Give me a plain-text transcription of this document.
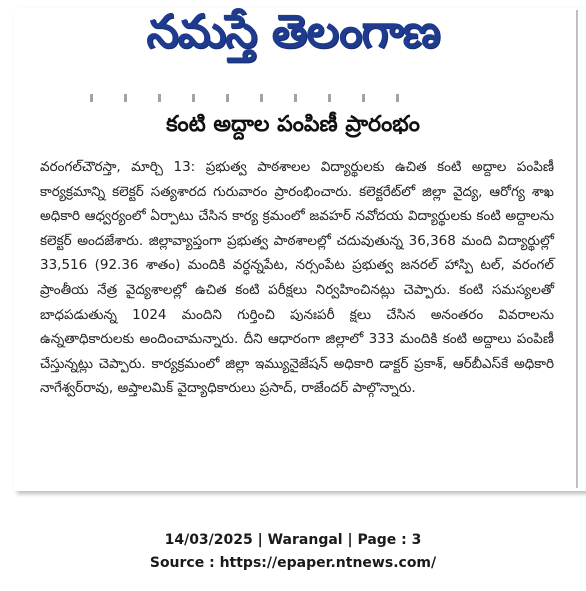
నమస్తే తెలంగాణ
కంటి అద్దాల పంపిణీ ప్రారంభం

వరంగల్‌చౌరస్తా, మార్చి 13: ప్రభుత్వ పాఠశాలల విద్యార్థులకు ఉచిత కంటి అద్దాల పంపిణీ కార్యక్రమాన్ని కలెక్టర్ సత్యశారద గురువారం ప్రారంభించారు. కలెక్టరేట్‌లో జిల్లా వైద్య, ఆరోగ్య శాఖ అధికారి ఆధ్వర్యంలో ఏర్పాటు చేసిన కార్య క్రమంలో జవహర్ నవోదయ విద్యార్థులకు కంటి అద్దాలను కలెక్టర్ అందజేశారు. జిల్లావ్యాప్తంగా ప్రభుత్వ పాఠశాలల్లో చదువుతున్న 36,368 మంది విద్యార్థుల్లో 33,516 (92.36 శాతం) మందికి వర్ధన్నపేట, నర్సంపేట ప్రభుత్వ జనరల్ హాస్పి టల్, వరంగల్ ప్రాంతీయ నేత్ర వైద్యశాలల్లో ఉచిత కంటి పరీక్షలు నిర్వహించినట్లు చెప్పారు. కంటి సమస్యలతో బాధపడుతున్న 1024 మందిని గుర్తించి పునఃపరీ క్షలు చేసిన అనంతరం వివరాలను ఉన్నతాధికారులకు అందించామన్నారు. దీని ఆధారంగా జిల్లాలో 333 మందికి కంటి అద్దాలు పంపిణీ చేస్తున్నట్లు చెప్పారు. కార్యక్రమంలో జిల్లా ఇమ్యునైజేషన్ అధికారి డాక్టర్ ప్రకాశ్, ఆర్‌బీఎస్‌కే అధికారి నాగేశ్వర్‌రావు, అప్తాలమిక్ వైద్యాధికారులు ప్రసాద్, రాజేందర్ పాల్గొన్నారు.

14/03/2025 | Warangal | Page : 3
Source : https://epaper.ntnews.com/
